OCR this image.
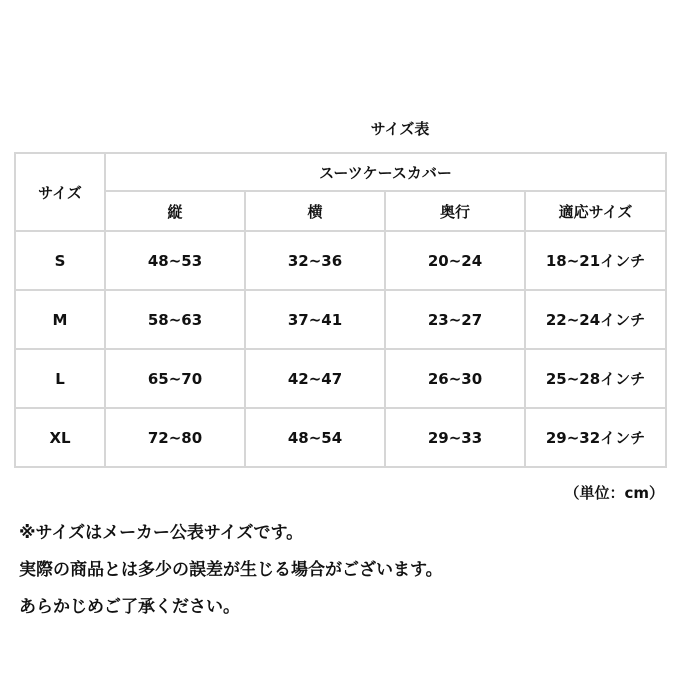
サイズ表
サイズ	スーツケースカバー			
	縦	横	奥行	適応サイズ
S	48~53	32~36	20~24	18~21インチ
M	58~63	37~41	23~27	22~24インチ
L	65~70	42~47	26~30	25~28インチ
XL	72~80	48~54	29~33	29~32インチ
（単位：cm）
※サイズはメーカー公表サイズです。
実際の商品とは多少の誤差が生じる場合がございます。
あらかじめご了承ください。
